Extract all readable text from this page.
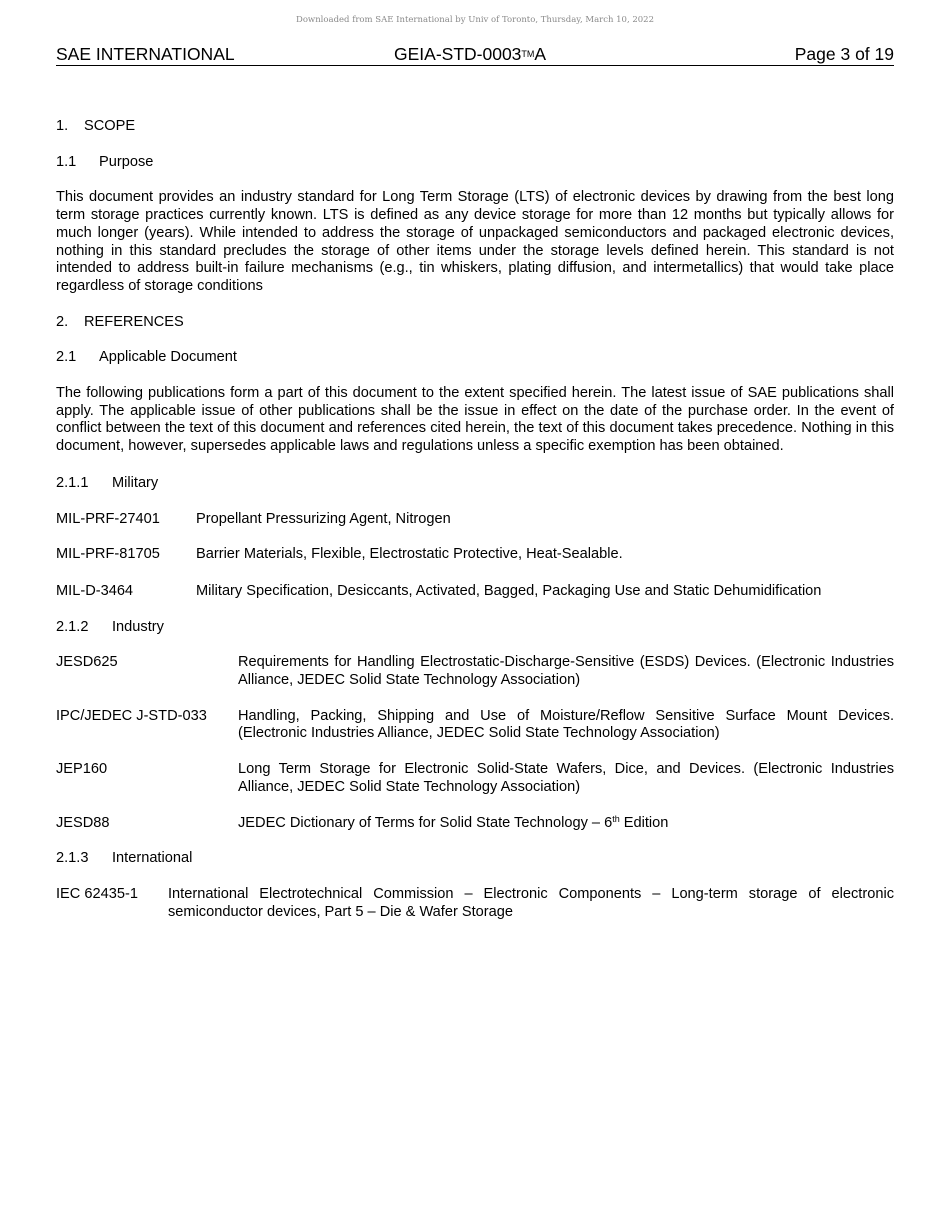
Downloaded from SAE International by Univ of Toronto, Thursday, March 10, 2022
SAE INTERNATIONAL	GEIA-STD-0003™A	Page 3 of 19
1. SCOPE
1.1 Purpose

This document provides an industry standard for Long Term Storage (LTS) of electronic devices by drawing from the best long term storage practices currently known. LTS is defined as any device storage for more than 12 months but typically allows for much longer (years). While intended to address the storage of unpackaged semiconductors and packaged electronic devices, nothing in this standard precludes the storage of other items under the storage levels defined herein. This standard is not intended to address built-in failure mechanisms (e.g., tin whiskers, plating diffusion, and intermetallics) that would take place regardless of storage conditions

2. REFERENCES
2.1 Applicable Document

The following publications form a part of this document to the extent specified herein. The latest issue of SAE publications shall apply. The applicable issue of other publications shall be the issue in effect on the date of the purchase order. In the event of conflict between the text of this document and references cited herein, the text of this document takes precedence. Nothing in this document, however, supersedes applicable laws and regulations unless a specific exemption has been obtained.

2.1.1 Military
MIL-PRF-27401	Propellant Pressurizing Agent, Nitrogen
MIL-PRF-81705	Barrier Materials, Flexible, Electrostatic Protective, Heat-Sealable.
MIL-D-3464	Military Specification, Desiccants, Activated, Bagged, Packaging Use and Static Dehumidification
2.1.2 Industry
JESD625	Requirements for Handling Electrostatic-Discharge-Sensitive (ESDS) Devices. (Electronic Industries Alliance, JEDEC Solid State Technology Association)
IPC/JEDEC J-STD-033	Handling, Packing, Shipping and Use of Moisture/Reflow Sensitive Surface Mount Devices. (Electronic Industries Alliance, JEDEC Solid State Technology Association)
JEP160	Long Term Storage for Electronic Solid-State Wafers, Dice, and Devices. (Electronic Industries Alliance, JEDEC Solid State Technology Association)
JESD88	JEDEC Dictionary of Terms for Solid State Technology – 6th Edition
2.1.3 International
IEC 62435-1	International Electrotechnical Commission – Electronic Components – Long-term storage of electronic semiconductor devices, Part 5 – Die & Wafer Storage
